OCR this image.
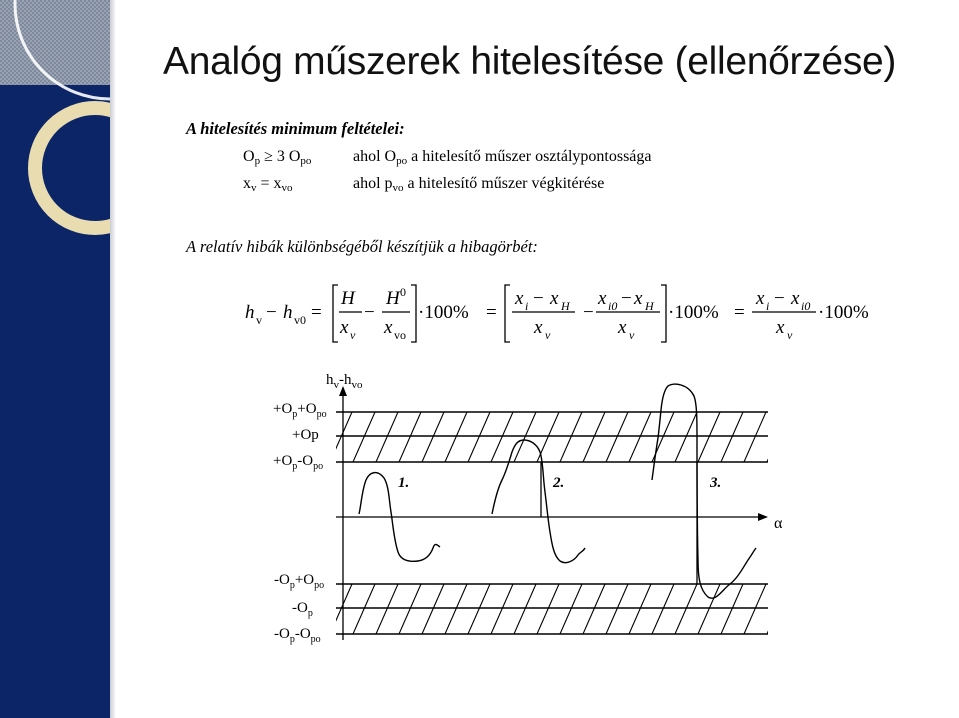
Analóg műszerek hitelesítése (ellenőrzése)
A hitelesítés minimum feltételei:
$O_p \ge 3$ $O_{po}$	ahol $O_{po}$ a hitelesítő műszer osztálypontossága
$x_v = x_{vo}$	ahol $p_{vo}$ a hitelesítő műszer végkitérése
A relatív hibák különbségéből készítjük a hibagörbét:
h v − h v0 =
H
x v
−
H 0
x vo
·100% =
x i − x H
x v
−
x i0 − x H
x v
·100% =
x i − x i0
x v
·100%
$h_v-h_{vo}$
α
$+O_p+O_{po}$
+Op
$+O_p-O_{po}$
$-O_p+O_{po}$
$-O_p$
$-O_p-O_{po}$
1.	2.	3.
